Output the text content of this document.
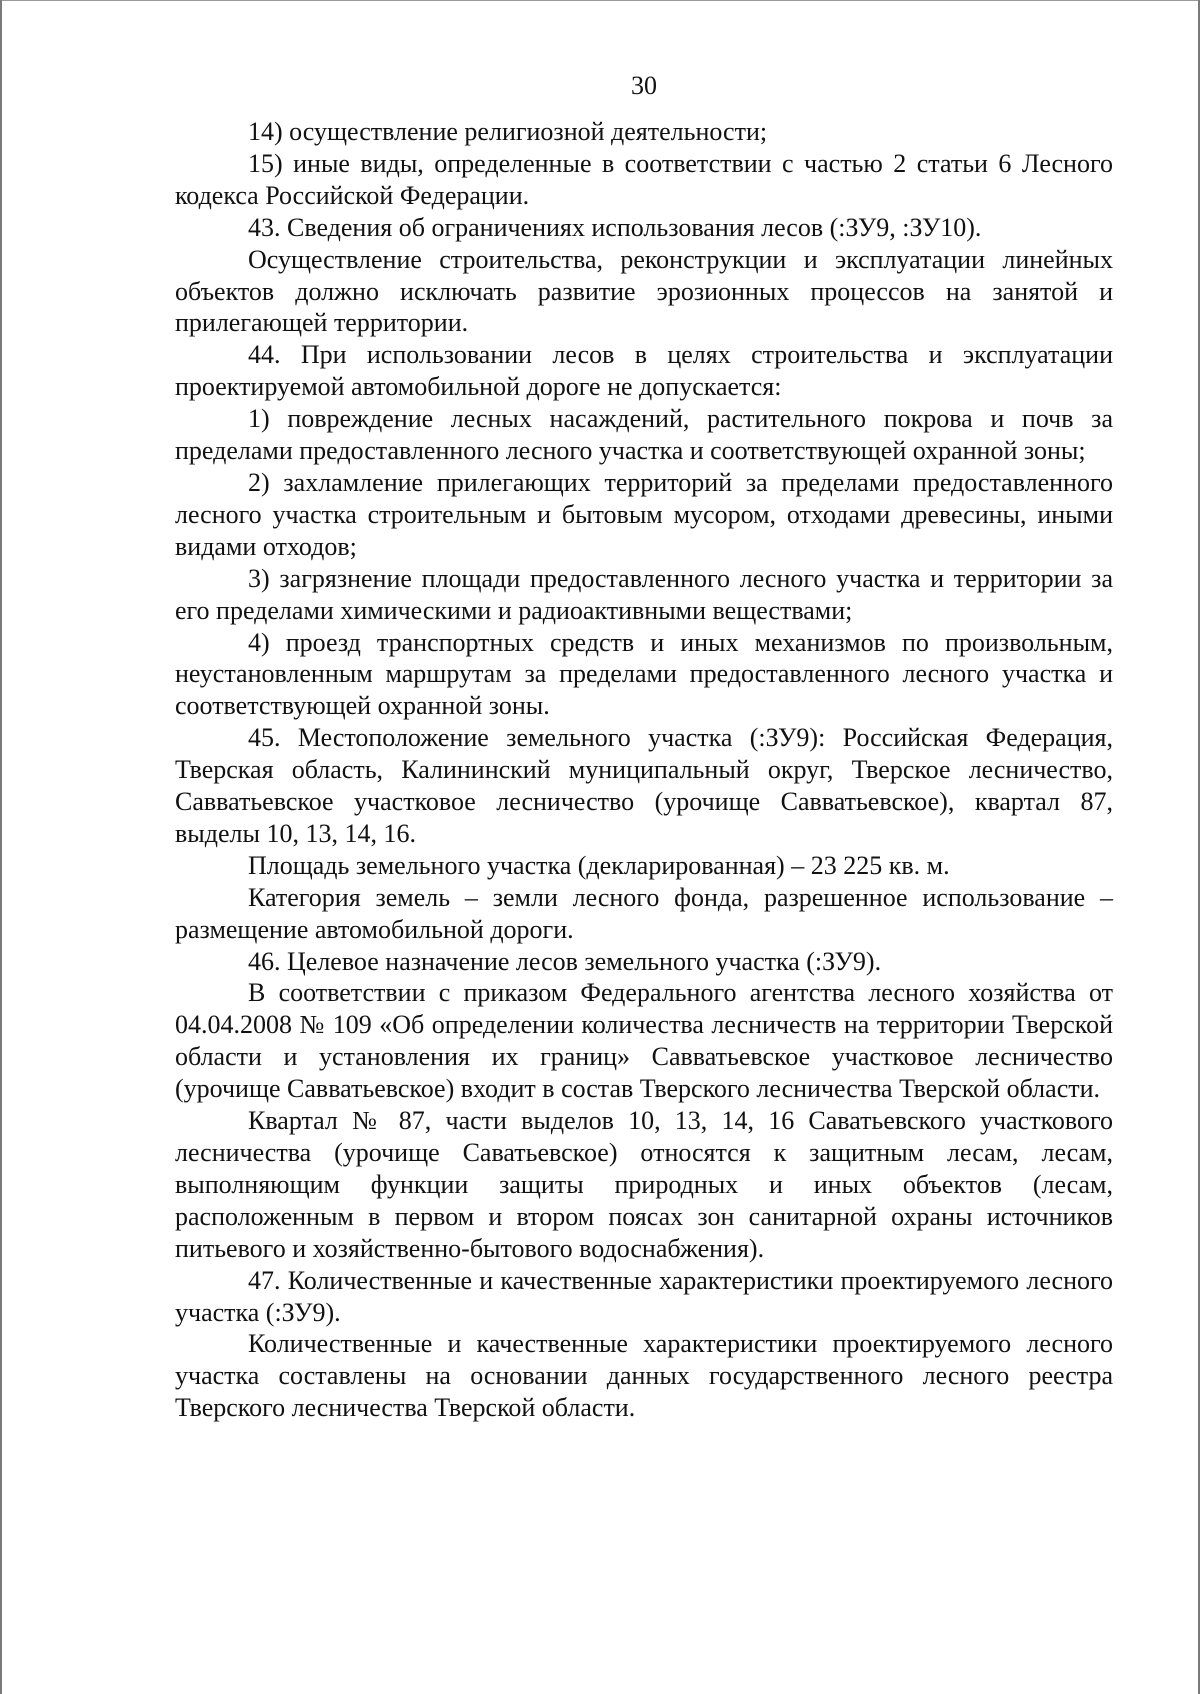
30

14) осуществление религиозной деятельности;

15) иные виды, определенные в соответствии с частью 2 статьи 6 Лесного кодекса Российской Федерации.

43. Сведения об ограничениях использования лесов (:ЗУ9, :ЗУ10).

Осуществление строительства, реконструкции и эксплуатации линейных объектов должно исключать развитие эрозионных процессов на занятой и прилегающей территории.

44. При использовании лесов в целях строительства и эксплуатации проектируемой автомобильной дороге не допускается:

1) повреждение лесных насаждений, растительного покрова и почв за пределами предоставленного лесного участка и соответствующей охранной зоны;

2) захламление прилегающих территорий за пределами предоставленного лесного участка строительным и бытовым мусором, отходами древесины, иными видами отходов;

3) загрязнение площади предоставленного лесного участка и территории за его пределами химическими и радиоактивными веществами;

4) проезд транспортных средств и иных механизмов по произвольным, неустановленным маршрутам за пределами предоставленного лесного участка и соответствующей охранной зоны.

45. Местоположение земельного участка (:ЗУ9): Российская Федерация, Тверская область, Калининский муниципальный округ, Тверское лесничество, Савватьевское участковое лесничество (урочище Савватьевское), квартал 87, выделы 10, 13, 14, 16.

Площадь земельного участка (декларированная) – 23 225 кв. м.

Категория земель – земли лесного фонда, разрешенное использование – размещение автомобильной дороги.

46. Целевое назначение лесов земельного участка (:ЗУ9).

В соответствии с приказом Федерального агентства лесного хозяйства от 04.04.2008 № 109 «Об определении количества лесничеств на территории Тверской области и установления их границ» Савватьевское участковое лесничество (урочище Савватьевское) входит в состав Тверского лесничества Тверской области.

Квартал № 87, части выделов 10, 13, 14, 16 Саватьевского участкового лесничества (урочище Саватьевское) относятся к защитным лесам, лесам, выполняющим функции защиты природных и иных объектов (лесам, расположенным в первом и втором поясах зон санитарной охраны источников питьевого и хозяйственно-бытового водоснабжения).

47. Количественные и качественные характеристики проектируемого лесного участка (:ЗУ9).

Количественные и качественные характеристики проектируемого лесного участка составлены на основании данных государственного лесного реестра Тверского лесничества Тверской области.
